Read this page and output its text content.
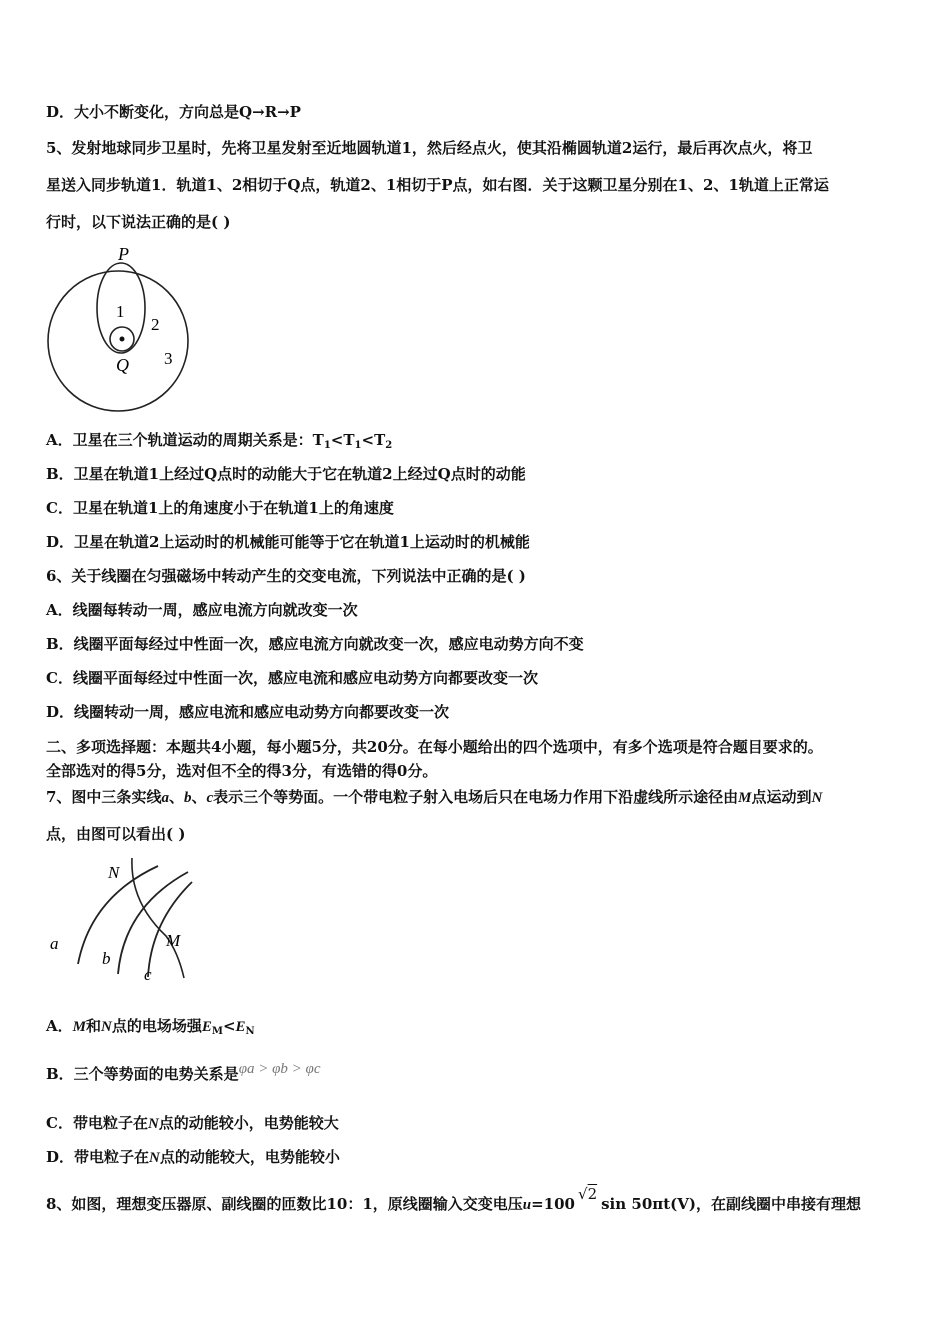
D．大小不断变化，方向总是Q→R→P
5、发射地球同步卫星时，先将卫星发射至近地圆轨道1，然后经点火，使其沿椭圆轨道2运行，最后再次点火，将卫
星送入同步轨道1．轨道1、2相切于Q点，轨道2、1相切于P点，如右图．关于这颗卫星分别在1、2、1轨道上正常运
行时，以下说法正确的是( )
P
1
2
Q 3
A．卫星在三个轨道运动的周期关系是：$T_1<T_1<T_2$
B．卫星在轨道1上经过Q点时的动能大于它在轨道2上经过Q点时的动能
C．卫星在轨道1上的角速度小于在轨道1上的角速度
D．卫星在轨道2上运动时的机械能可能等于它在轨道1上运动时的机械能
6、关于线圈在匀强磁场中转动产生的交变电流，下列说法中正确的是( )
A．线圈每转动一周，感应电流方向就改变一次
B．线圈平面每经过中性面一次，感应电流方向就改变一次，感应电动势方向不变
C．线圈平面每经过中性面一次，感应电流和感应电动势方向都要改变一次
D．线圈转动一周，感应电流和感应电动势方向都要改变一次
二、多项选择题：本题共4小题，每小题5分，共20分。在每小题给出的四个选项中，有多个选项是符合题目要求的。
全部选对的得5分，选对但不全的得3分，有选错的得0分。
7、图中三条实线a、b、c表示三个等势面。一个带电粒子射入电场后只在电场力作用下沿虚线所示途径由M点运动到N
点，由图可以看出( )
N
M
a
b
c
A．M和N点的电场场强$E_M<E_N$
B．三个等势面的电势关系是φa > φb > φc
C．带电粒子在N点的动能较小，电势能较大
D．带电粒子在N点的动能较大，电势能较小
8、如图，理想变压器原、副线圈的匝数比10：1，原线圈输入交变电压u=100√2sin 50πt(V)，在副线圈中串接有理想
